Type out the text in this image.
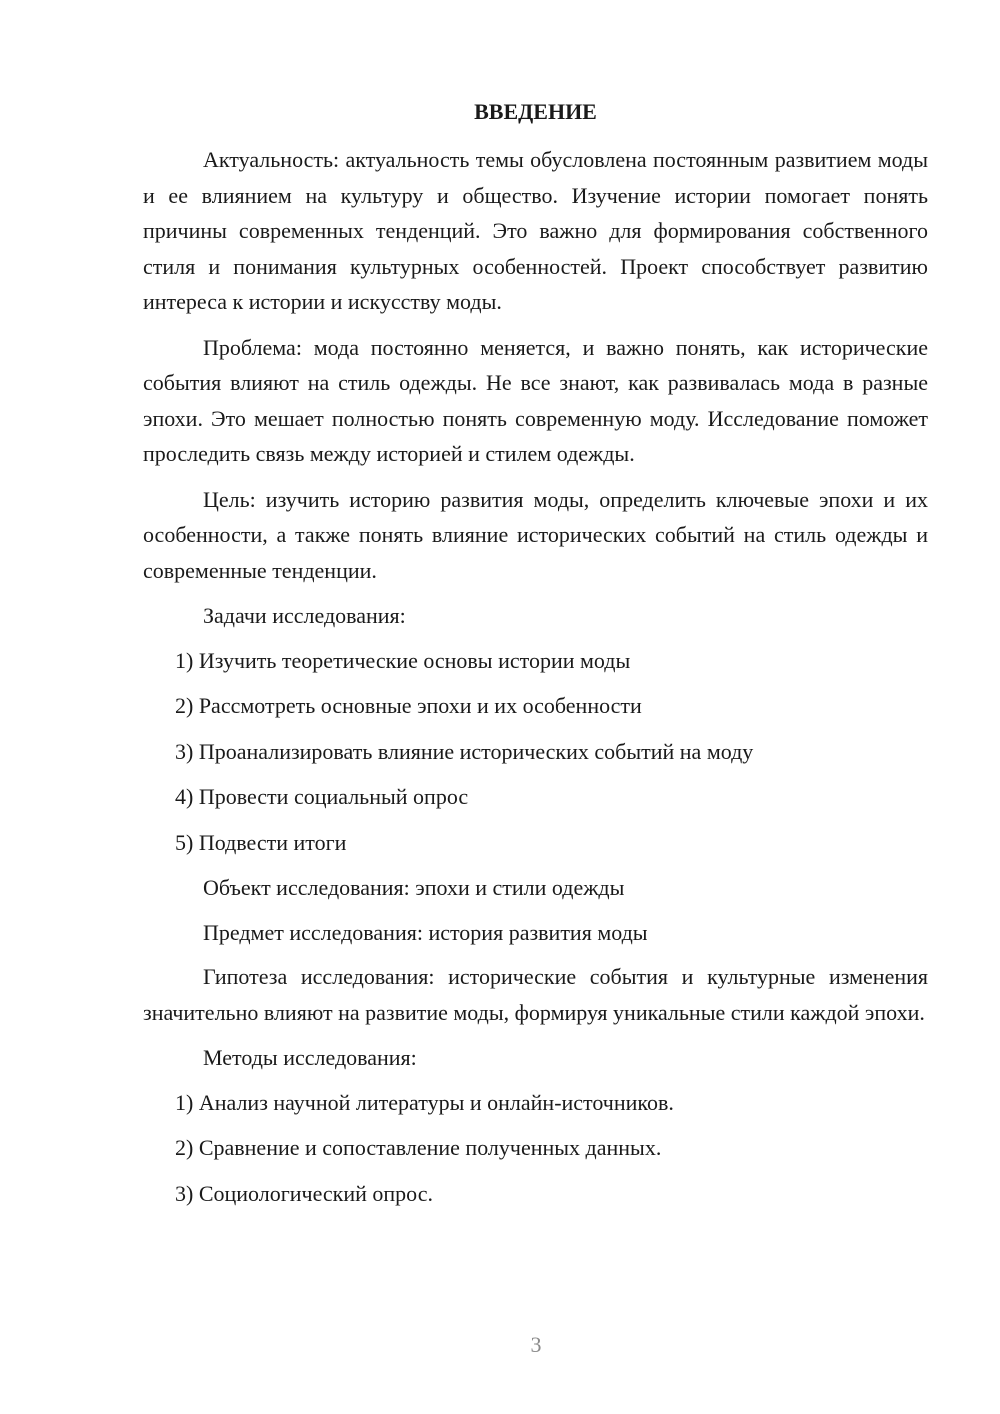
ВВЕДЕНИЕ

Актуальность: актуальность темы обусловлена постоянным развитием моды и ее влиянием на культуру и общество. Изучение истории помогает понять причины современных тенденций. Это важно для формирования собственного стиля и понимания культурных особенностей. Проект способствует развитию интереса к истории и искусству моды.

Проблема: мода постоянно меняется, и важно понять, как исторические события влияют на стиль одежды. Не все знают, как развивалась мода в разные эпохи. Это мешает полностью понять современную моду. Исследование поможет проследить связь между историей и стилем одежды.

Цель: изучить историю развития моды, определить ключевые эпохи и их особенности, а также понять влияние исторических событий на стиль одежды и современные тенденции.

Задачи исследования:

1) Изучить теоретические основы истории моды

2) Рассмотреть основные эпохи и их особенности

3) Проанализировать влияние исторических событий на моду

4) Провести социальный опрос

5) Подвести итоги

Объект исследования: эпохи и стили одежды

Предмет исследования: история развития моды

Гипотеза исследования: исторические события и культурные изменения значительно влияют на развитие моды, формируя уникальные стили каждой эпохи.

Методы исследования:

1) Анализ научной литературы и онлайн-источников.

2) Сравнение и сопоставление полученных данных.

3) Социологический опрос.

3
